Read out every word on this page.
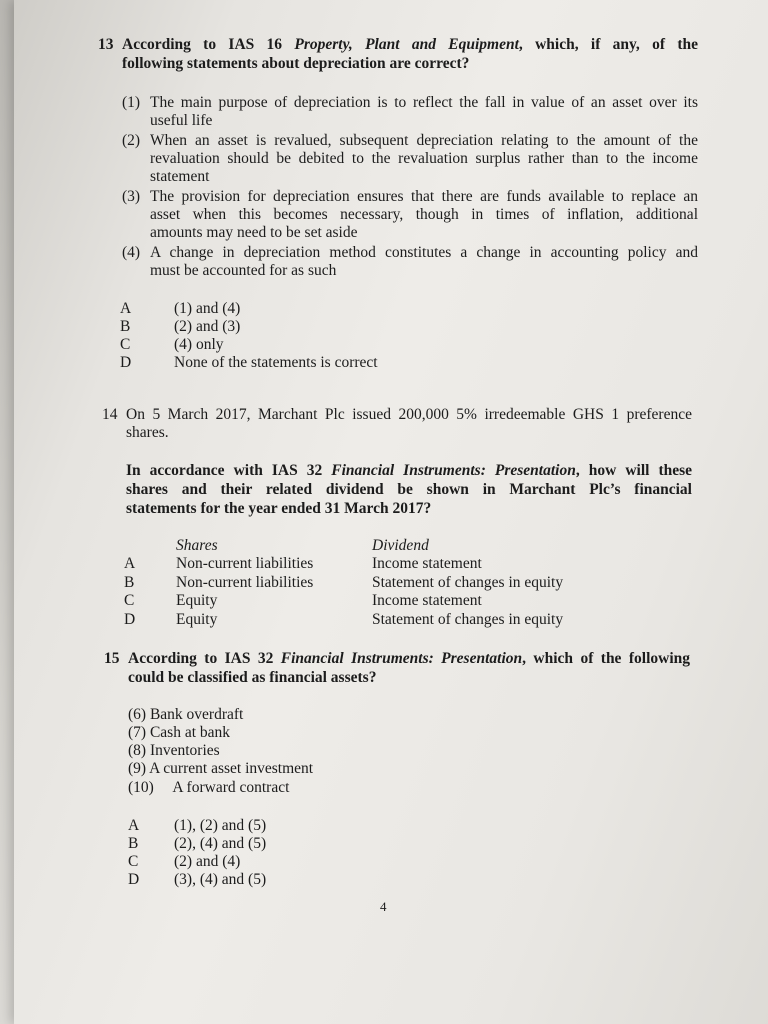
13 According to IAS 16 Property, Plant and Equipment, which, if any, of the
following statements about depreciation are correct?
(1) The main purpose of depreciation is to reflect the fall in value of an asset over its
useful life
(2) When an asset is revalued, subsequent depreciation relating to the amount of the
revaluation should be debited to the revaluation surplus rather than to the income
statement
(3) The provision for depreciation ensures that there are funds available to replace an
asset when this becomes necessary, though in times of inflation, additional
amounts may need to be set aside
(4) A change in depreciation method constitutes a change in accounting policy and
must be accounted for as such
A	(1) and (4)
B	(2) and (3)
C	(4) only
D	None of the statements is correct
14 On 5 March 2017, Marchant Plc issued 200,000 5% irredeemable GHS 1 preference
shares.
In accordance with IAS 32 Financial Instruments: Presentation, how will these
shares and their related dividend be shown in Marchant Plc’s financial
statements for the year ended 31 March 2017?
Shares	Dividend
A	Non-current liabilities	Income statement
B	Non-current liabilities	Statement of changes in equity
C	Equity	Income statement
D	Equity	Statement of changes in equity
15 According to IAS 32 Financial Instruments: Presentation, which of the following
could be classified as financial assets?
(6) Bank overdraft
(7) Cash at bank
(8) Inventories
(9) A current asset investment
(10)  A forward contract
A (1), (2) and (5)
B (2), (4) and (5)
C (2) and (4)
D (3), (4) and (5)
4
